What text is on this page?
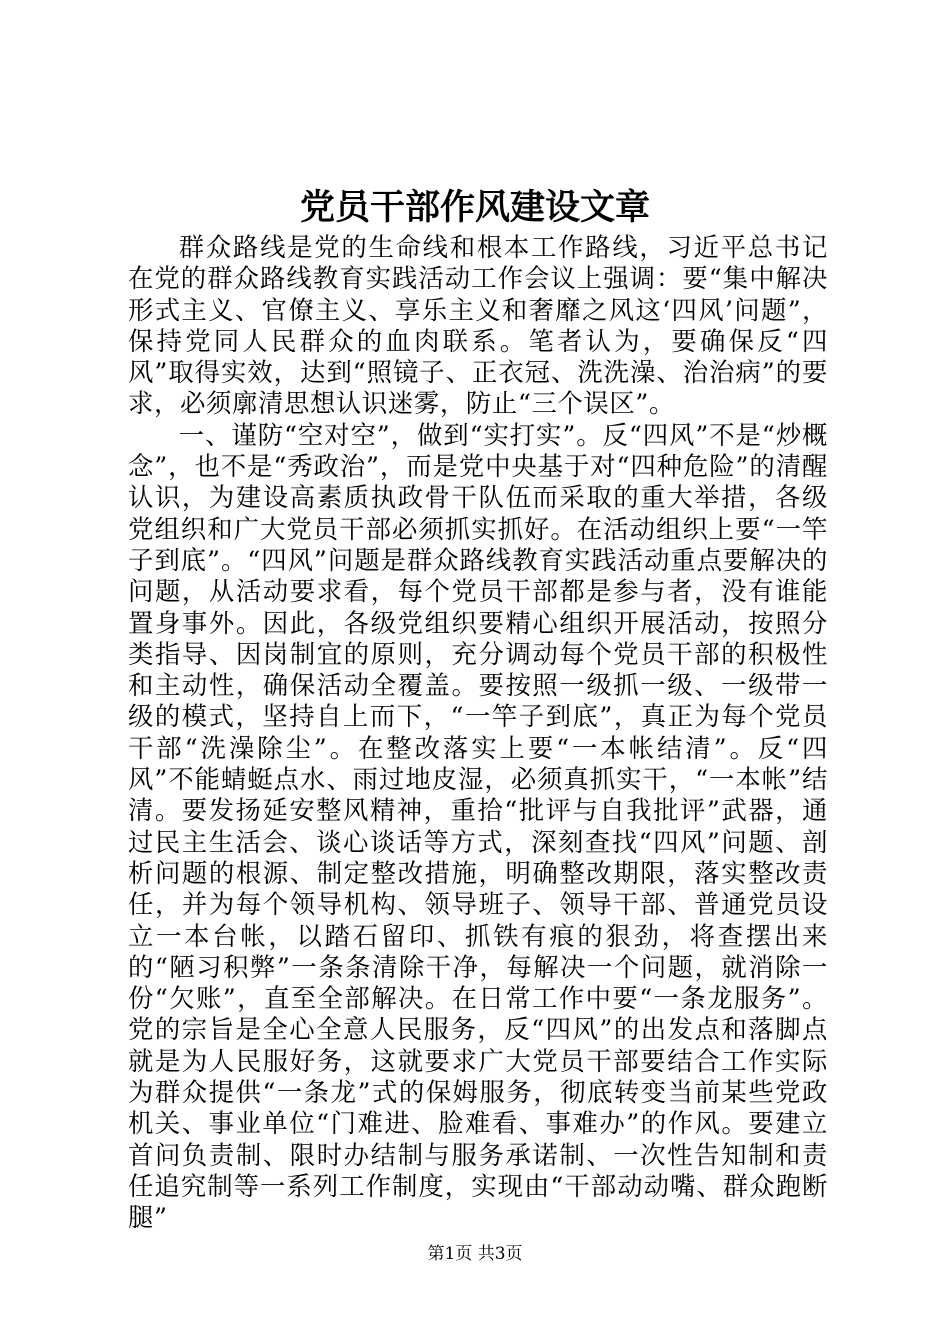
党员干部作风建设文章

群众路线是党的生命线和根本工作路线，习近平总书记在党的群众路线教育实践活动工作会议上强调：要“集中解决形式主义、官僚主义、享乐主义和奢靡之风这‘四风’问题”，保持党同人民群众的血肉联系。笔者认为，要确保反“四风”取得实效，达到“照镜子、正衣冠、洗洗澡、治治病”的要求，必须廓清思想认识迷雾，防止“三个误区”。

一、谨防“空对空”，做到“实打实”。反“四风”不是“炒概念”，也不是“秀政治”，而是党中央基于对“四种危险”的清醒认识，为建设高素质执政骨干队伍而采取的重大举措，各级党组织和广大党员干部必须抓实抓好。在活动组织上要“一竿子到底”。“四风”问题是群众路线教育实践活动重点要解决的问题，从活动要求看，每个党员干部都是参与者，没有谁能置身事外。因此，各级党组织要精心组织开展活动，按照分类指导、因岗制宜的原则，充分调动每个党员干部的积极性和主动性，确保活动全覆盖。要按照一级抓一级、一级带一级的模式，坚持自上而下，“一竿子到底”，真正为每个党员干部“洗澡除尘”。在整改落实上要“一本帐结清”。反“四风”不能蜻蜓点水、雨过地皮湿，必须真抓实干，“一本帐”结清。要发扬延安整风精神，重拾“批评与自我批评”武器，通过民主生活会、谈心谈话等方式，深刻查找“四风”问题、剖析问题的根源、制定整改措施，明确整改期限，落实整改责任，并为每个领导机构、领导班子、领导干部、普通党员设立一本台帐，以踏石留印、抓铁有痕的狠劲，将查摆出来的“陋习积弊”一条条清除干净，每解决一个问题，就消除一份“欠账”，直至全部解决。在日常工作中要“一条龙服务”。党的宗旨是全心全意人民服务，反“四风”的出发点和落脚点就是为人民服好务，这就要求广大党员干部要结合工作实际为群众提供“一条龙”式的保姆服务，彻底转变当前某些党政机关、事业单位“门难进、脸难看、事难办”的作风。要建立首问负责制、限时办结制与服务承诺制、一次性告知制和责任追究制等一系列工作制度，实现由“干部动动嘴、群众跑断腿”

第1页 共3页
